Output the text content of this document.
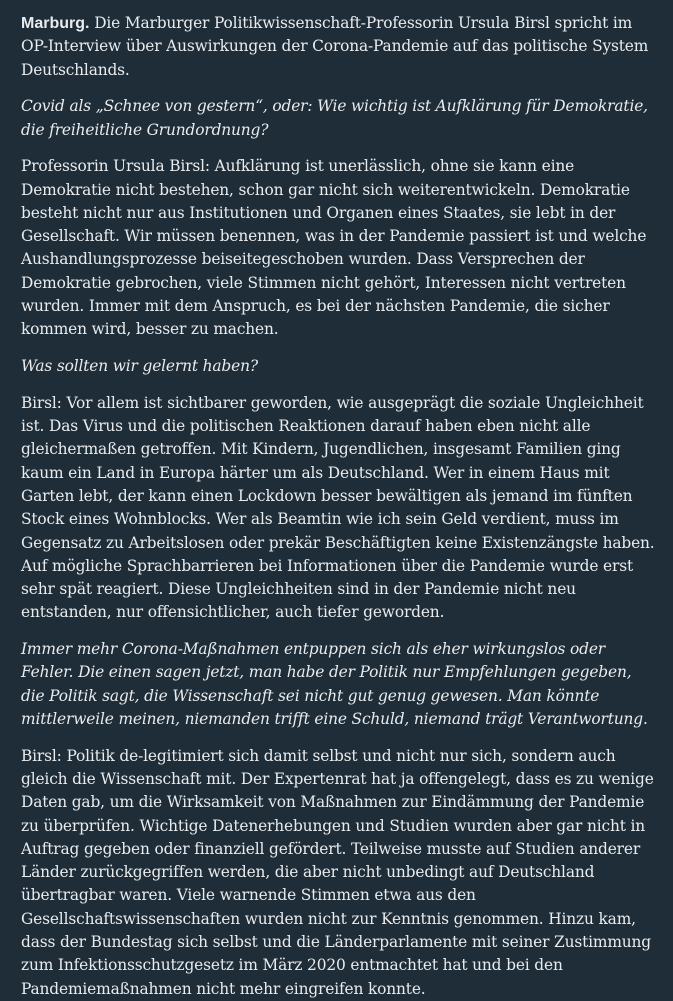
Marburg. Die Marburger Politikwissenschaft-Professorin Ursula Birsl spricht im OP-Interview über Auswirkungen der Corona-Pandemie auf das politische System Deutschlands.

Covid als „Schnee von gestern“, oder: Wie wichtig ist Aufklärung für Demokratie, die freiheitliche Grundordnung?

Professorin Ursula Birsl: Aufklärung ist unerlässlich, ohne sie kann eine Demokratie nicht bestehen, schon gar nicht sich weiterentwickeln. Demokratie besteht nicht nur aus Institutionen und Organen eines Staates, sie lebt in der Gesellschaft. Wir müssen benennen, was in der Pandemie passiert ist und welche Aushandlungsprozesse beiseitegeschoben wurden. Dass Versprechen der Demokratie gebrochen, viele Stimmen nicht gehört, Interessen nicht vertreten wurden. Immer mit dem Anspruch, es bei der nächsten Pandemie, die sicher kommen wird, besser zu machen.

Was sollten wir gelernt haben?

Birsl: Vor allem ist sichtbarer geworden, wie ausgeprägt die soziale Ungleichheit ist. Das Virus und die politischen Reaktionen darauf haben eben nicht alle gleichermaßen getroffen. Mit Kindern, Jugendlichen, insgesamt Familien ging kaum ein Land in Europa härter um als Deutschland. Wer in einem Haus mit Garten lebt, der kann einen Lockdown besser bewältigen als jemand im fünften Stock eines Wohnblocks. Wer als Beamtin wie ich sein Geld verdient, muss im Gegensatz zu Arbeitslosen oder prekär Beschäftigten keine Existenzängste haben. Auf mögliche Sprachbarrieren bei Informationen über die Pandemie wurde erst sehr spät reagiert. Diese Ungleichheiten sind in der Pandemie nicht neu entstanden, nur offensichtlicher, auch tiefer geworden.

Immer mehr Corona-Maßnahmen entpuppen sich als eher wirkungslos oder Fehler. Die einen sagen jetzt, man habe der Politik nur Empfehlungen gegeben, die Politik sagt, die Wissenschaft sei nicht gut genug gewesen. Man könnte mittlerweile meinen, niemanden trifft eine Schuld, niemand trägt Verantwortung.

Birsl: Politik de-legitimiert sich damit selbst und nicht nur sich, sondern auch gleich die Wissenschaft mit. Der Expertenrat hat ja offengelegt, dass es zu wenige Daten gab, um die Wirksamkeit von Maßnahmen zur Eindämmung der Pandemie zu überprüfen. Wichtige Datenerhebungen und Studien wurden aber gar nicht in Auftrag gegeben oder finanziell gefördert. Teilweise musste auf Studien anderer Länder zurückgegriffen werden, die aber nicht unbedingt auf Deutschland übertragbar waren. Viele warnende Stimmen etwa aus den Gesellschaftswissenschaften wurden nicht zur Kenntnis genommen. Hinzu kam, dass der Bundestag sich selbst und die Länderparlamente mit seiner Zustimmung zum Infektionsschutzgesetz im März 2020 entmachtet hat und bei den Pandemiemaßnahmen nicht mehr eingreifen konnte.
